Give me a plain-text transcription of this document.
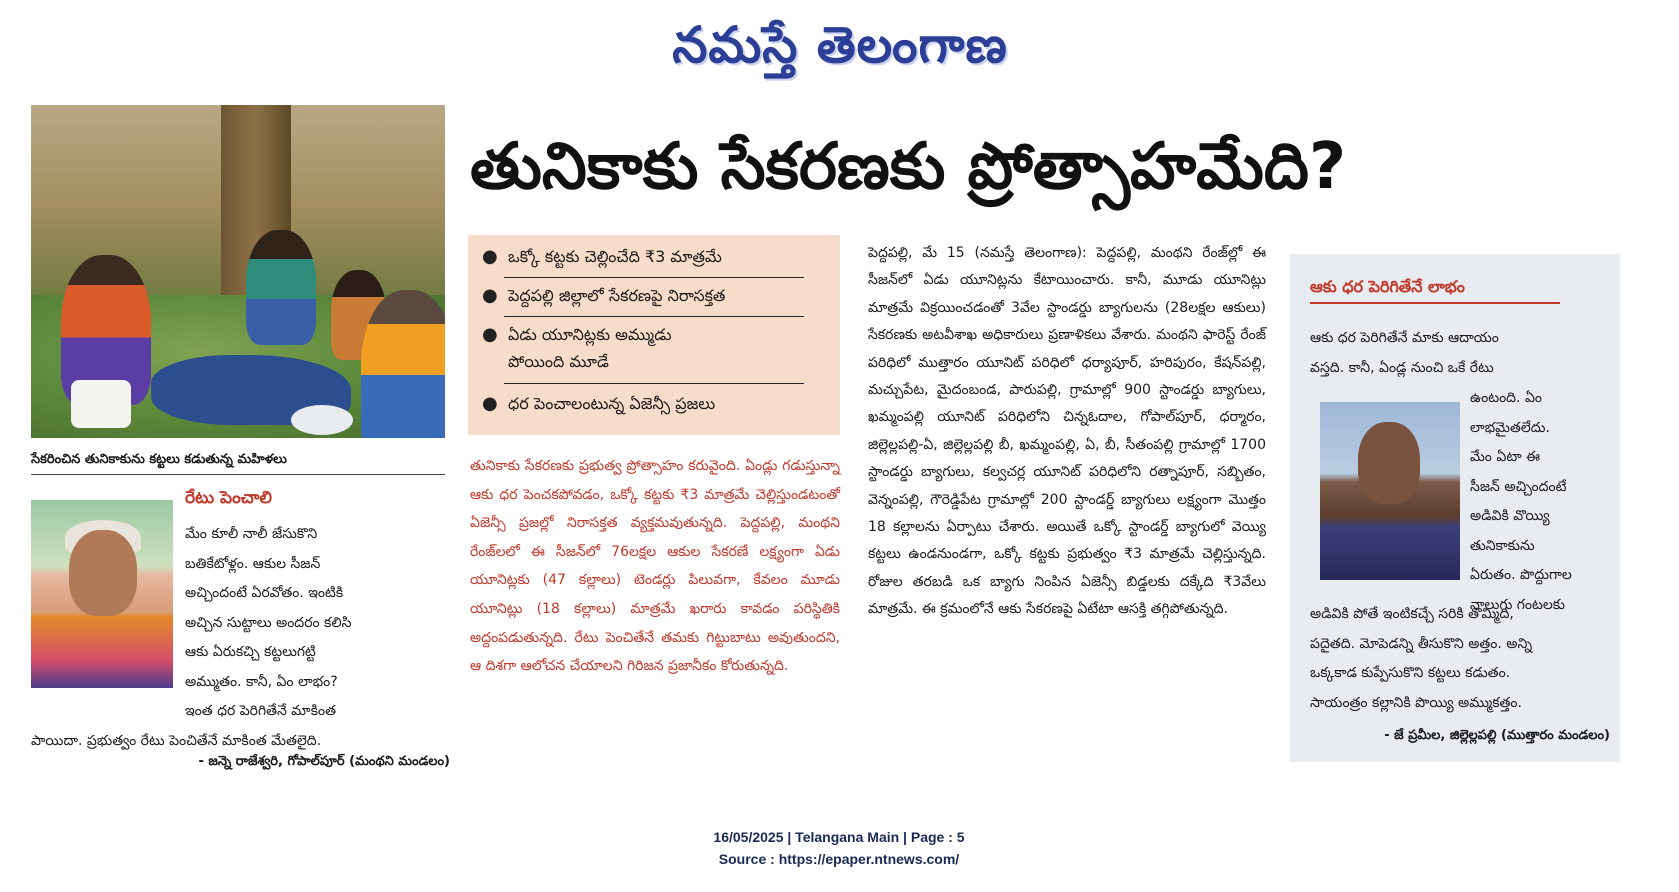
నమస్తే తెలంగాణ
తునికాకు సేకరణకు ప్రోత్సాహమేది?
సేకరించిన తునికాకును కట్టలు కడుతున్న మహిళలు
● ఒక్కో కట్టకు చెల్లించేది ₹3 మాత్రమే
● పెద్దపల్లి జిల్లాలో సేకరణపై నిరాసక్తత
● ఏడు యూనిట్లకు అమ్ముడు పోయింది మూడే
● ధర పెంచాలంటున్న ఏజెన్సీ ప్రజలు
తునికాకు సేకరణకు ప్రభుత్వ ప్రోత్సాహం కరువైంది. ఏండ్లు గడుస్తున్నా ఆకు ధర పెంచకపోవడం, ఒక్కో కట్టకు ₹3 మాత్రమే చెల్లిస్తుండటంతో ఏజెన్సీ ప్రజల్లో నిరాసక్తత వ్యక్తమవుతున్నది. పెద్దపల్లి, మంథని రేంజ్‌లలో ఈ సీజన్‌లో 76లక్షల ఆకుల సేకరణే లక్ష్యంగా ఏడు యూనిట్లకు (47 కల్లాలు) టెండర్లు పిలువగా, కేవలం మూడు యూనిట్లు (18 కల్లాలు) మాత్రమే ఖరారు కావడం పరిస్థితికి అద్దంపడుతున్నది. రేటు పెంచితేనే తమకు గిట్టుబాటు అవుతుందని, ఆ దిశగా ఆలోచన చేయాలని గిరిజన ప్రజానీకం కోరుతున్నది.
రేటు పెంచాలి
మేం కూలీ నాలీ జేసుకొని
బతికేటోళ్లం. ఆకుల సీజన్
అచ్చిందంటే ఏరవోతం. ఇంటికి
అచ్చిన సుట్టాలు అందరం కలిసి
ఆకు ఏరుకచ్చి కట్టలుగట్టి
అమ్ముతం. కానీ, ఏం లాభం?
ఇంత ధర పెరిగితేనే మాకింత
పాయిదా. ప్రభుత్వం రేటు పెంచితేనే మాకింత మేతలైది.
- జన్నె రాజేశ్వరి, గోపాల్‌పూర్ (మంథని మండలం)
పెద్దపల్లి, మే 15 (నమస్తే తెలంగాణ): పెద్దపల్లి, మంథని రేంజ్‌ల్లో ఈ సీజన్‌లో ఏడు యూనిట్లను కేటాయించారు. కానీ, మూడు యూనిట్లు మాత్రమే విక్రయించడంతో 3వేల స్టాండర్డు బ్యాగులను (28లక్షల ఆకులు) సేకరణకు అటవీశాఖ అధికారులు ప్రణాళికలు వేశారు. మంథని ఫారెస్ట్ రేంజ్ పరిధిలో ముత్తారం యూనిట్ పరిధిలో ధర్యాపూర్, హరిపురం, కేషన్‌పల్లి, మచ్చుపేట, మైదంబండ, పారుపల్లి, గ్రామాల్లో 900 స్టాండర్డు బ్యాగులు, ఖమ్మంపల్లి యూనిట్ పరిధిలోని చిన్నఓదాల, గోపాల్‌పూర్, ధర్మారం, జిల్లెల్లపల్లి-ఏ, జిల్లెల్లపల్లి బీ, ఖమ్మంపల్లి, ఏ, బీ, సీతంపల్లి గ్రామాల్లో 1700 స్టాండర్డు బ్యాగులు, కల్వచర్ల యూనిట్ పరిధిలోని రత్నాపూర్, సబ్బితం, వెన్నంపల్లి, గౌరెడ్డిపేట గ్రామాల్లో 200 స్టాండర్డ్ బ్యాగులు లక్ష్యంగా మొత్తం 18 కల్లాలను ఏర్పాటు చేశారు. అయితే ఒక్కో స్టాండర్డ్ బ్యాగులో వెయ్యి కట్టలు ఉండనుండగా, ఒక్కో కట్టకు ప్రభుత్వం ₹3 మాత్రమే చెల్లిస్తున్నది. రోజుల తరబడి ఒక బ్యాగు నింపిన ఏజెన్సీ బిడ్డలకు దక్కేది ₹3వేలు మాత్రమే. ఈ క్రమంలోనే ఆకు సేకరణపై ఏటేటా ఆసక్తి తగ్గిపోతున్నది.
ఆకు ధర పెరిగితేనే లాభం
ఆకు ధర పెరిగితేనే మాకు ఆదాయం
వస్తది. కానీ, ఏండ్ల నుంచి ఒకే రేటు
ఉంటంది. ఏం
లాభమైతలేదు.
మేం ఏటా ఈ
సీజన్ అచ్చిందంటే
అడివికి వొయ్యి
తునికాకును
ఏరుతం. పొద్దుగాల
నాలుగు గంటలకు
అడివికి పోతే ఇంటికచ్చే సరికి తొమ్మిది,
పదైతది. మోపెడన్ని తీసుకొని అత్తం. అన్ని
ఒక్కకాడ కుప్పేసుకొని కట్టలు కడుతం.
సాయంత్రం కల్లానికి పొయ్యి అమ్ముకత్తం.
- జే ప్రమీల, జిల్లెల్లపల్లి (ముత్తారం మండలం)
16/05/2025 | Telangana Main | Page : 5
Source : https://epaper.ntnews.com/
